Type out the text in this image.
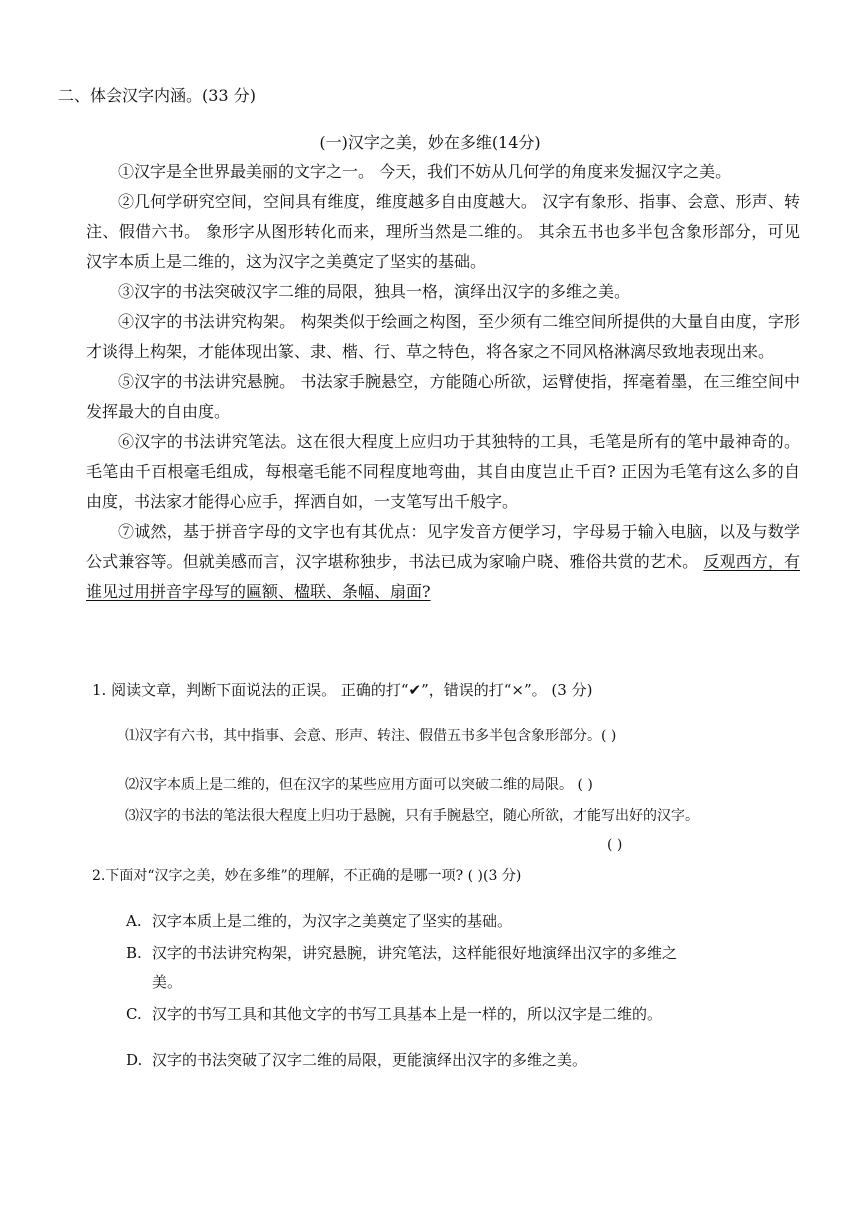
二、体会汉字内涵。(33 分)
(一)汉字之美，妙在多维(14分)

①汉字是全世界最美丽的文字之一。 今天，我们不妨从几何学的角度来发掘汉字之美。

②几何学研究空间，空间具有维度，维度越多自由度越大。 汉字有象形、指事、会意、形声、转注、假借六书。 象形字从图形转化而来，理所当然是二维的。 其余五书也多半包含象形部分，可见汉字本质上是二维的，这为汉字之美奠定了坚实的基础。

③汉字的书法突破汉字二维的局限，独具一格，演绎出汉字的多维之美。

④汉字的书法讲究构架。 构架类似于绘画之构图，至少须有二维空间所提供的大量自由度，字形才谈得上构架，才能体现出篆、隶、楷、行、草之特色，将各家之不同风格淋漓尽致地表现出来。

⑤汉字的书法讲究悬腕。 书法家手腕悬空，方能随心所欲，运臂使指，挥毫着墨，在三维空间中发挥最大的自由度。

⑥汉字的书法讲究笔法。这在很大程度上应归功于其独特的工具，毛笔是所有的笔中最神奇的。毛笔由千百根毫毛组成，每根毫毛能不同程度地弯曲，其自由度岂止千百? 正因为毛笔有这么多的自由度，书法家才能得心应手，挥洒自如，一支笔写出千般字。

⑦诚然，基于拼音字母的文字也有其优点：见字发音方便学习，字母易于输入电脑，以及与数学公式兼容等。但就美感而言，汉字堪称独步，书法已成为家喻户晓、雅俗共赏的艺术。 反观西方，有谁见过用拼音字母写的匾额、楹联、条幅、扇面?

1. 阅读文章，判断下面说法的正误。 正确的打“✔”，错误的打“×”。 (3 分)
⑴汉字有六书，其中指事、会意、形声、转注、假借五书多半包含象形部分。( )
⑵汉字本质上是二维的，但在汉字的某些应用方面可以突破二维的局限。 ( )
⑶汉字的书法的笔法很大程度上归功于悬腕，只有手腕悬空，随心所欲，才能写出好的汉字。
( )
2.下面对“汉字之美，妙在多维”的理解，不正确的是哪一项? ( )(3 分)
A. 汉字本质上是二维的，为汉字之美奠定了坚实的基础。
B. 汉字的书法讲究构架，讲究悬腕，讲究笔法，这样能很好地演绎出汉字的多维之
美。
C. 汉字的书写工具和其他文字的书写工具基本上是一样的，所以汉字是二维的。
D. 汉字的书法突破了汉字二维的局限，更能演绎出汉字的多维之美。
